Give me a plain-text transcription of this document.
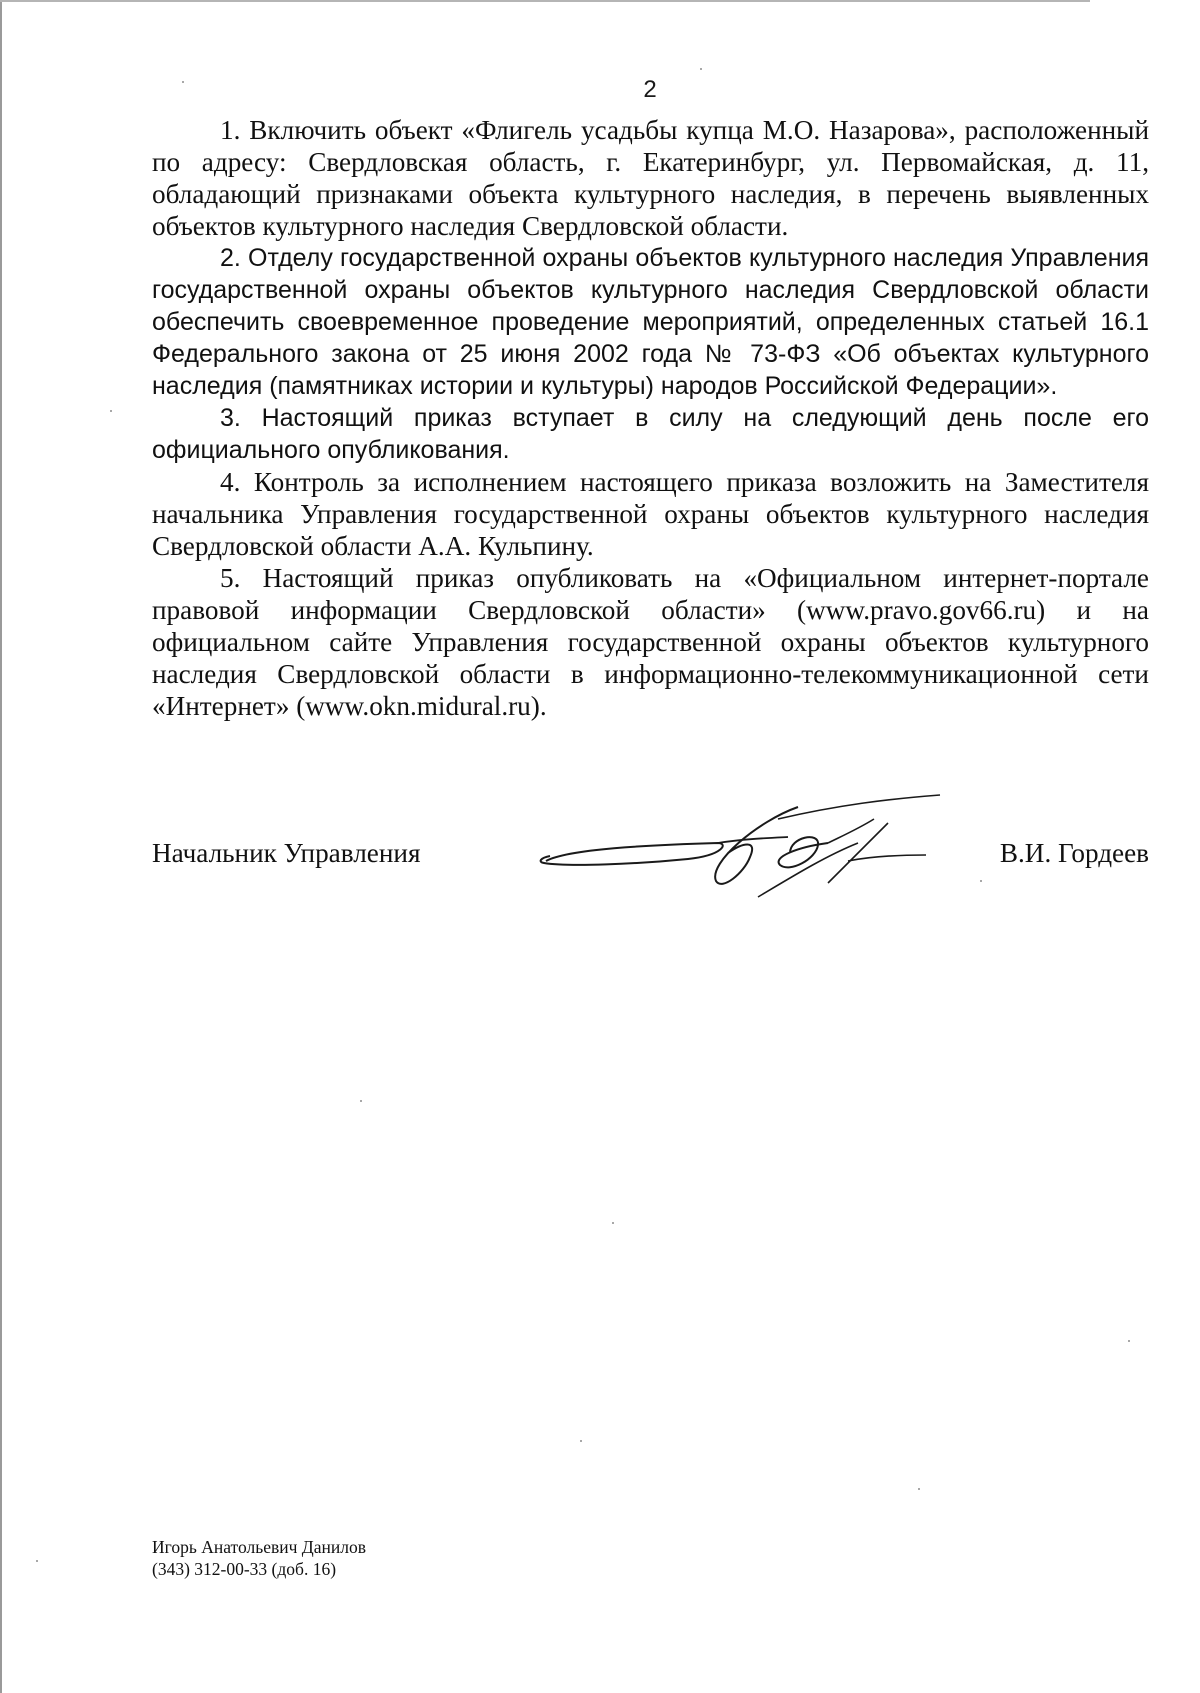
2

1. Включить объект «Флигель усадьбы купца М.О. Назарова», расположенный по адресу: Свердловская область, г. Екатеринбург, ул. Первомайская, д. 11, обладающий признаками объекта культурного наследия, в перечень выявленных объектов культурного наследия Свердловской области.

2. Отделу государственной охраны объектов культурного наследия Управления государственной охраны объектов культурного наследия Свердловской области обеспечить своевременное проведение мероприятий, определенных статьей 16.1 Федерального закона от 25 июня 2002 года № 73-ФЗ «Об объектах культурного наследия (памятниках истории и культуры) народов Российской Федерации».

3. Настоящий приказ вступает в силу на следующий день после его официального опубликования.

4. Контроль за исполнением настоящего приказа возложить на Заместителя начальника Управления государственной охраны объектов культурного наследия Свердловской области А.А. Кульпину.

5. Настоящий приказ опубликовать на «Официальном интернет-портале правовой информации Свердловской области» (www.pravo.gov66.ru) и на официальном сайте Управления государственной охраны объектов культурного наследия Свердловской области в информационно-телекоммуникационной сети «Интернет» (www.okn.midural.ru).

Начальник Управления	В.И. Гордеев
Игорь Анатольевич Данилов
(343) 312-00-33 (доб. 16)
